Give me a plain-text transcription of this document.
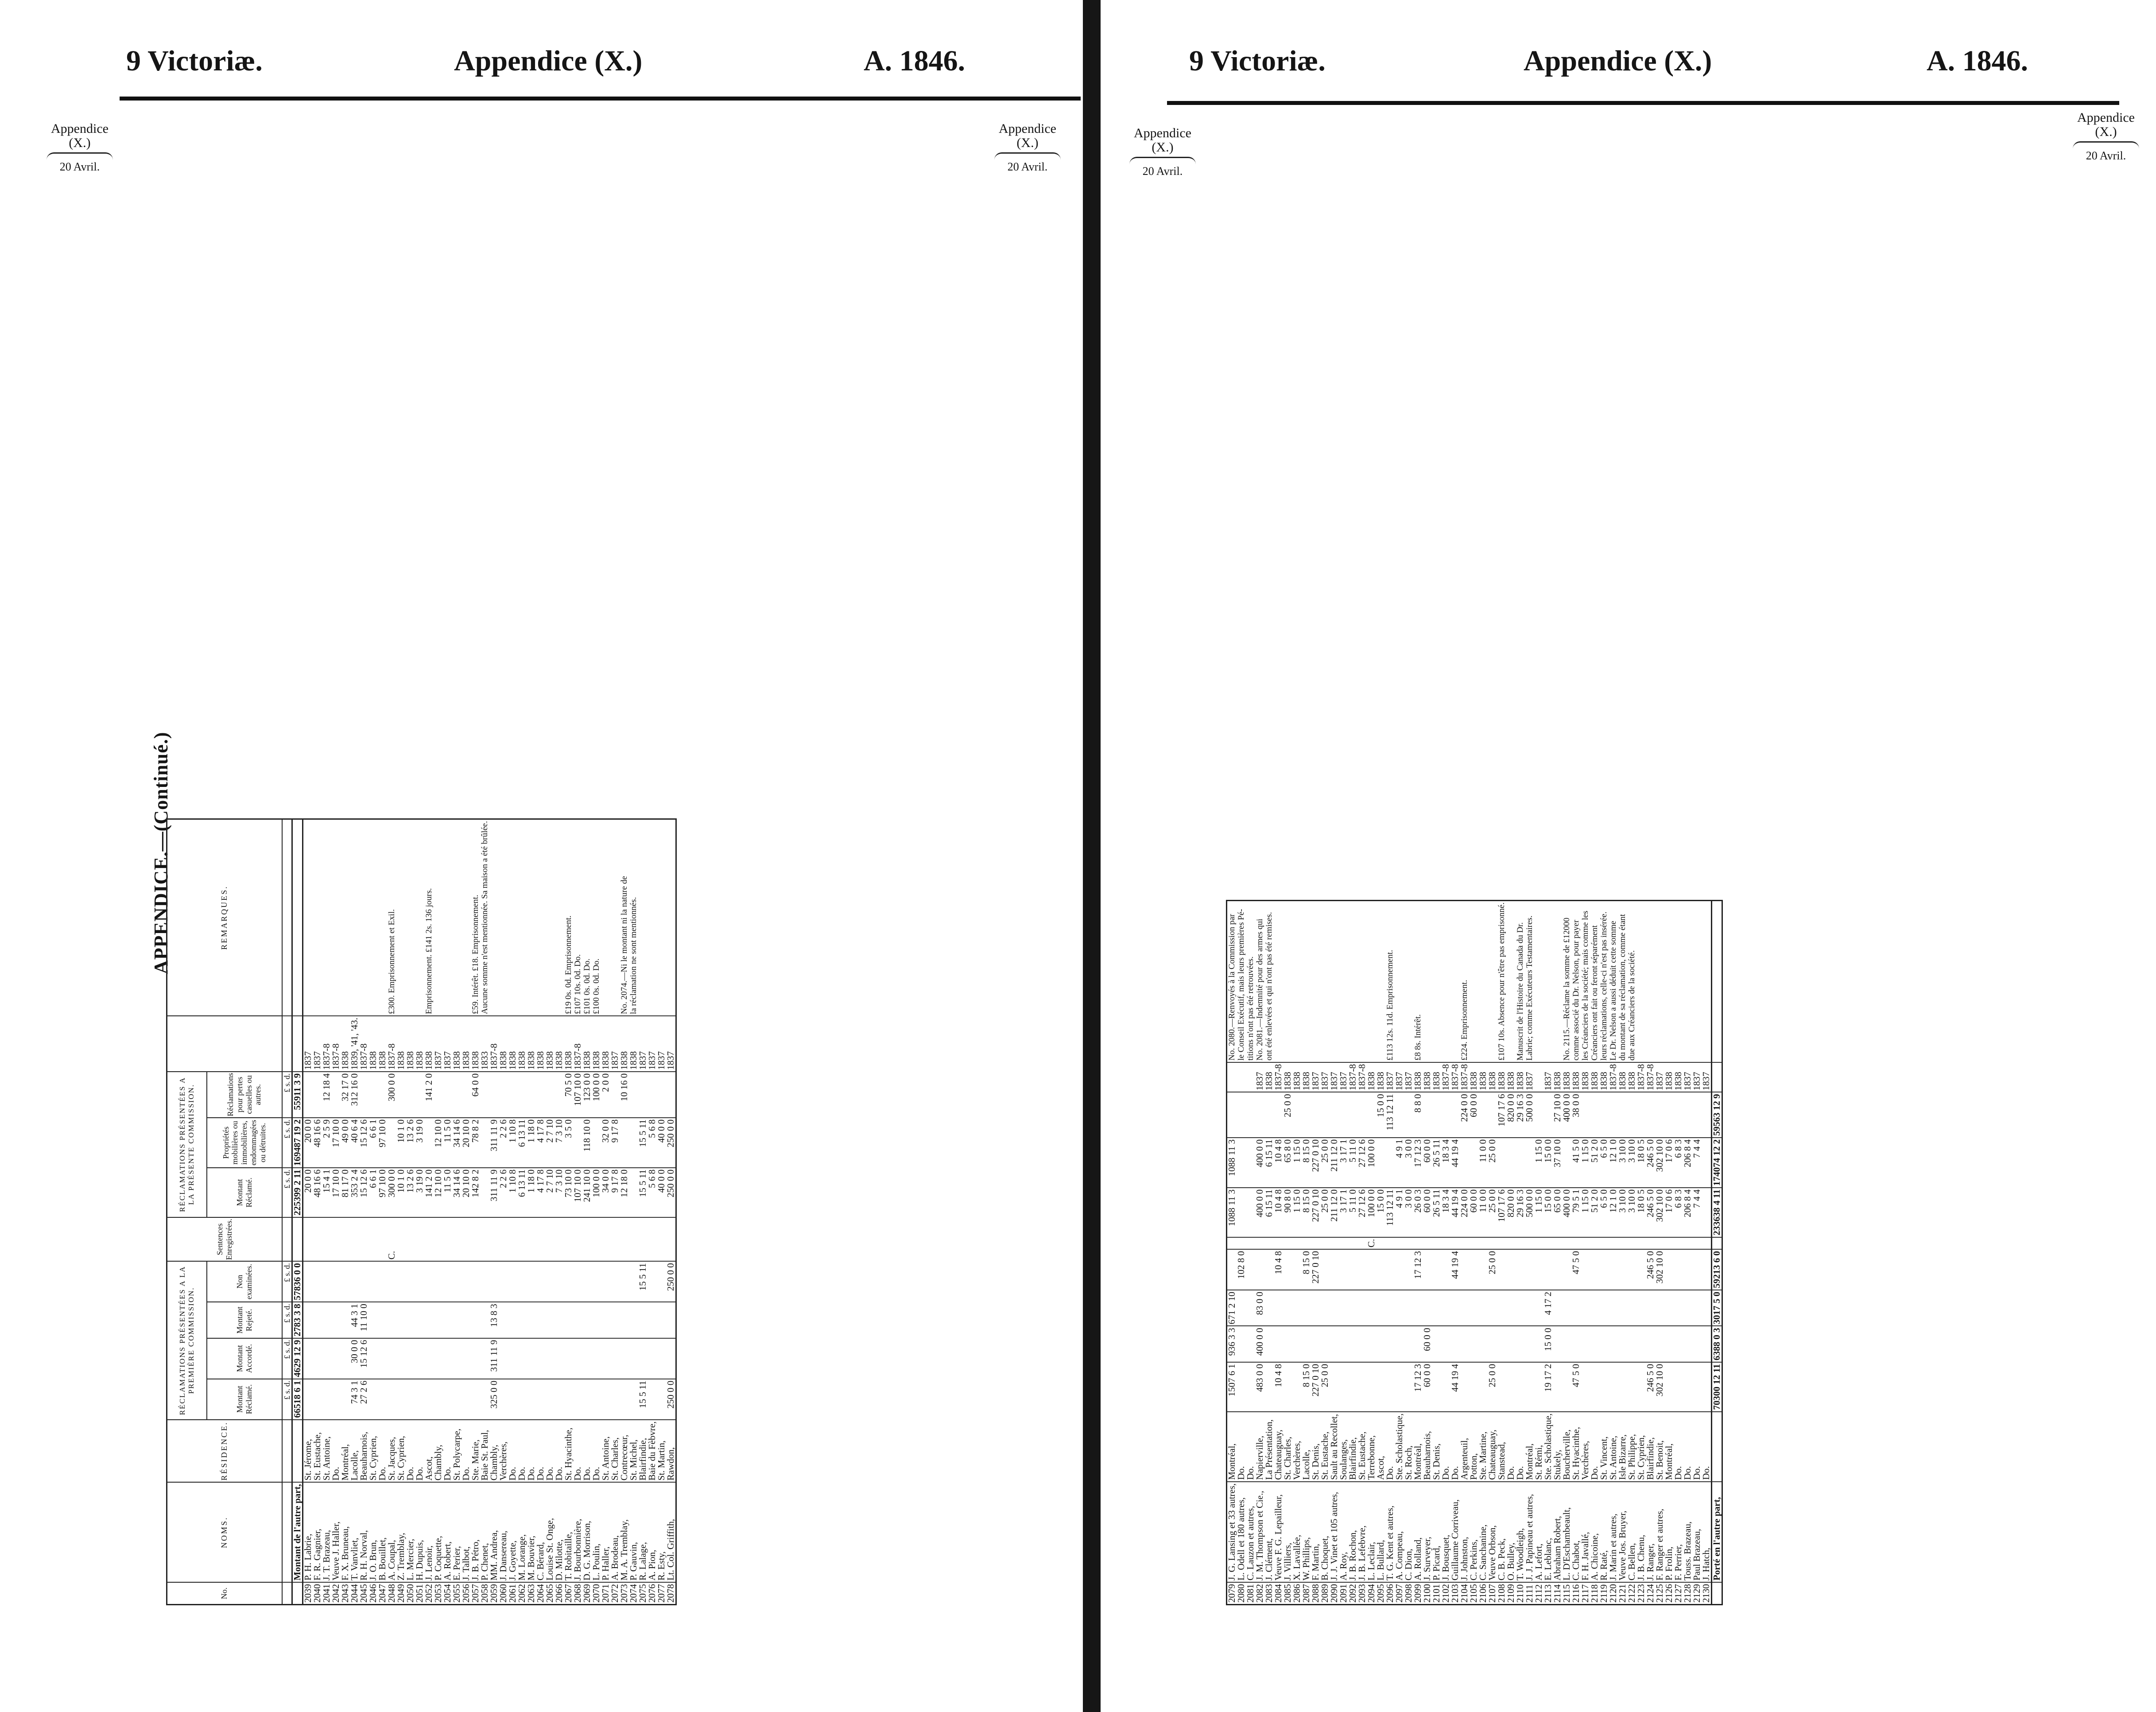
9 Victoriæ.	Appendice (X.)	A. 1846.
Appendice
(X.)
20 Avril.
Appendice
(X.)
20 Avril.
APPENDICE.—(Continué.)
No.	NOMS.	RÉSIDENCE.	RÉCLAMATIONS PRÉSENTÉES A LA PREMIÈRE COMMISSION.				Sentences Enregistrées.	RÉCLAMATIONS PRÉSENTÉES A LA PRÉSENTE COMMISSION.				REMARQUES.
			Montant Réclamé.	Montant Accordé.	Montant Rejeté.	Non examinées.		Montant Réclamé.	Propriétés mobilières ou immobilières, endommagées ou détruites.	Réclamations pour pertes casuelles ou autres.		
			£ s. d.	£ s. d.	£ s. d.	£ s. d.		£ s. d.	£ s. d.	£ s. d.		
	Montant de l'autre part,		66518 6 1	4629 12 9	2783 3 8	57836 0 0		225399 2 11	169487 19 2	55911 3 9		
2039	P. H. Labrie,	St. Jérome,						20 0 0	20 0 0		1837	
2040	F. R. Gagnier,	St. Eustache,						48 16 6	48 16 6		1837	
2041	J. T. Brazeau,	St. Antoine,						15 4 1	2 5 9	12 18 4	1837-8	
2042	Veuve J. Haller,	Do.						17 10 0	17 10 0		1837-8	
2043	F. X. Bruneau,	Montréal,						81 17 0	49 0 0	32 17 0	1838	
2044	T. Vanvliet,	Lacolle,	74 3 1	30 0 0	44 3 1			353 2 4	40 6 4	312 16 0	1839, '41, '43.	
2045	R. H. Norval,	Beauharnois,	27 2 6	15 12 6	11 10 0			15 12 6	15 12 6		1837-8	
2046	J. O. Brun,	St. Cyprien,						6 6 1	6 6 1		1838	
2047	B. Bouillet,	Do.						97 10 0	97 10 0		1838	
2048	A. Coupal,	St. Jacques,					C.	300 0 0		300 0 0	1837-8	£300. Emprisonnement et Exil.
2049	Z. Tremblay,	St. Cyprien,						10 1 0	10 1 0		1838	
2050	L. Mercier,	Do.						13 2 6	13 2 6		1838	
2051	H. Dupuis,	Do.						3 19 0	3 19 0		1838	
2052	J. Lenoir,	Ascot,						141 2 0		141 2 0	1838	Emprisonnement. £141 2s. 136 jours.
2053	P. Coquette,	Chambly,						12 10 0	12 10 0		1837	
2054	A. Robert,	Do.						11 5 0	11 5 0		1837	
2055	E. Perier,	St. Polycarpe,						34 14 6	34 14 6		1838	
2056	J. Talbot,	Do.						20 10 0	20 10 0		1838	
2057	J. B. Pétro,	Ste. Marie,						142 8 2	78 8 2	64 0 0	1838	£59. Intérêt. £18. Emprisonnement.
2058	P. Chenet,	Baie St. Paul,									1833	Aucune somme n'est mentionnée. Sa maison a été brûlée.
2059	MM. Andrea,	Chambly,	325 0 0	311 11 9	13 8 3			311 11 9	311 11 9		1837-8	
2060	J. Dansereau,	Verchères,						2 2 6	2 2 6		1838	
2061	J. Goyette,	Do.						1 10 8	1 10 8		1838	
2062	M. Lorange,	Do.						6 13 11	6 13 11		1838	
2063	M. Bouvier,	Do.						1 18 0	1 18 0		1838	
2064	C. Bérard,	Do.						4 17 8	4 17 8		1838	
2065	Louise St. Onge,	Do.						2 7 10	2 7 10		1838	
2066	D. Milotte,	Do.						7 3 10	7 3 10		1838	
2067	T. Robitaille,	St. Hyacinthe,						73 10 0	3 5 0	70 5 0	1838	£19 0s. 0d. Emprisonnement.
2068	J. Bourbonnière,	Do.						107 10 0		107 10 0	1837-8	£107 10s. 0d. Do.
2069	D. G. Morrison,	Do.						241 10 0	118 10 0	123 0 0	1838	£101 0s. 0d. Do.
2070	L. Poulin,	Do.						100 0 0		100 0 0	1838	£100 0s. 0d. Do.
2071	P. Haller,	St. Antoine,						34 0 0	32 0 0	2 0 0	1838	
2072	A. Brodeau,	St. Charles,						9 17 8	9 17 8		1837	
2073	M. A. Tremblay,	Contrecœur,						12 18 0		10 16 0	1838	No. 2074.—Ni le montant ni la nature de
2074	P. Gauvin,	St. Michel,									1838	la réclamation ne sont mentionnés.
2075	R. Lalage,	Blairfindie,	15 5 11			15 5 11		15 5 11	15 5 11		1837	
2076	A. Pion,	Baie du Fèbvre,						5 6 8	5 6 8		1837	
2077	R. Esty,	St. Martin,						40 0 0	40 0 0		1837	
2078	Lt. Col. Griffith,	Rawdon,	250 0 0			250 0 0		250 0 0	250 0 0		1837	
9 Victoriæ.	Appendice (X.)	A. 1846.
Appendice
(X.)
20 Avril.
Appendice
(X.)
20 Avril.
2079	J. G. Lansing et 33 autres,	Montréal,	1507 6 1	936 3 3	671 2 10			1088 11 3	1088 11 3			No. 2080.—Renvoyés à la Commission par
2080	L. Odell et 180 autres,	Do.				102 8 0						le Conseil Exécutif, mais leurs premières Pé-
2081	C. Lauzon et autres,	Do.										titions n'ont pas été retrouvées.
2082	J. M. Thompson et Cie.,	Napierville,	483 0 0	400 0 0	83 0 0			400 0 0	400 0 0		1837	No. 2081.—Indemnité pour des armes qui
2083	J. Clément,	La Présentation,						6 15 11	6 15 11		1838	ont été enlevées et qui n'ont pas été remises.
2084	Veuve F. G. Lepailleur,	Chateauguay,	10 4 8			10 4 8		10 4 8	10 4 8		1837-8	
2085	J. Villiers,	St. Charles,						90 8 0	65 8 0	25 0 0	1838	
2086	X. Lavallée,	Verchères,						1 15 0	1 15 0		1838	
2087	W. Phillips,	Lacolle,	8 15 0			8 15 0		8 15 0	8 15 0		1838	
2088	F. Martin,	St. Denis,	227 0 10			227 0 10		227 0 10	227 0 10		1837	
2089	B. Choquet,	St. Eustache,	25 0 0					25 0 0	25 0 0		1837	
2090	J. J. Vinet et 105 autres,	Sault au Recollet,						211 12 0	211 12 0		1837	
2091	A. Roy,	Soulanges,						3 17 1	3 17 1		1837	
2092	J. B. Rochon,	Blairfindie,						5 11 0	5 11 0		1837-8	
2093	J. B. Lefebvre,	St. Eustache,						27 12 6	27 12 6		1837-8	
2094	L. Leclair,	Terrebonne,					C.	100 0 0	100 0 0		1838	
2095	L. Bullard,	Ascot,						15 0 0		15 0 0	1838	
2096	T. G. Kent et autres,	Do.						113 12 11		113 12 11	1837	£113 12s. 11d. Emprisonnement.
2097	A. Compeau,	Ste. Scholastique,						4 9 1	4 9 1		1837	
2098	C. Dion,	St. Roch,						3 0 0	3 0 0		1837	
2099	A. Rolland,	Montréal,	17 12 3			17 12 3		26 0 3	17 12 3	8 8 0	1838	£8 8s. Intérêt.
2100	J. Surveyer,	Beauharnois,	60 0 0	60 0 0				60 0 0	60 0 0		1838	
2101	P. Picard,	St. Denis,						26 5 11	26 5 11		1838	
2102	J. Bousquet,	Do.						18 3 4	18 3 4		1837-8	
2103	Guillaume Corriveau,	Do.	44 19 4			44 19 4		44 19 4	44 19 4		1837-8	
2104	J. Johnston,	Argenteuil,						224 0 0		224 0 0	1837-8	£224. Emprisonnement.
2105	C. Perkins,	Potton,						60 0 0		60 0 0	1838	
2106	C. Sanchanine,	Ste. Martine,						11 0 0	11 0 0		1838	
2107	Veuve Orbson,	Chateauguay,	25 0 0			25 0 0		25 0 0	25 0 0		1838	
2108	C. B. Peck,	Stanstead,						107 17 6		107 17 6	1838	£107 10s. Absence pour n'être pas emprisonné.
2109	O. Bulley,	Do.						820 0 0		820 0 0	1838	
2110	T. Woodleigh,	Do.						29 16 3		29 16 3	1838	Manuscrit de l'Histoire du Canada du Dr.
2111	J. J. Papineau et autres,	Montréal,						500 0 0		500 0 0	1837	Labrie; comme Exécuteurs Testamentaires.
2112	A. Lefort,	St. Rémi,						1 15 0	1 15 0			
2113	E. Leblanc,	Ste. Scholastique,	19 17 2	15 0 0	4 17 2			15 0 0	15 0 0		1837	
2114	Abraham Robert,	Stukely,						65 0 0	37 10 0	27 10 0	1838	
2115	L. D'Eschambeault,	Boucherville,						400 0 0		400 0 0	1838	No. 2115.—Réclame la somme de £12000
2116	C. Chabot,	St. Hyacinthe,	47 5 0			47 5 0		79 5 1	41 5 0	38 0 0	1838	comme associé du Dr. Nelson, pour payer
2117	F. H. Javallé,	Verchères,						1 15 0	1 15 0		1838	les Créanciers de la société; mais comme les
2118	A. Chicoine,	Do.						51 2 0	51 2 0		1838	Créanciers ont fait ou feront séparément
2119	R. Raté,	St. Vincent,						6 5 0	6 5 0		1838	leurs réclamations, celle-ci n'est pas insérée.
2120	J. Marin et autres,	St. Antoine,						12 1 0	12 1 0		1837-8	Le Dr. Nelson a aussi déduit cette somme
2121	Veuve Jos. Bruyer,	Isle Bizarre,						3 10 0	3 10 0		1838	du montant de sa réclamation, comme étant
2122	C. Bellen,	St. Philippe,						3 10 0	3 10 0		1838	due aux Créanciers de la société.
2123	J. B. Chenu,	St. Cyprien,						18 0 5	18 0 5		1837-8	
2124	J. Ranger,	Blairfindie,	246 5 0			246 5 0		246 5 0	246 5 0		1837-8	
2125	F. Ranger et autres,	St. Benoit,	302 10 0			302 10 0		302 10 0	302 10 0		1837	
2126	P. Frolin,	Montréal,						17 0 6	17 0 6		1838	
2127	F. Perrier,	Do.						6 8 3	6 8 3		1838	
2128	Touss. Brazeau,	Do.						206 8 4	206 8 4		1837	
2129	Paul Brazeau,	Do.						7 4 4	7 4 4		1837	
2130	J. Hatch,	Do.									1837	
	Porté en l'autre part,		70300 12 11	6388 0 3	3017 5 0	59213 6 0		233638 4 11	174074 12 2	59563 12 9		
